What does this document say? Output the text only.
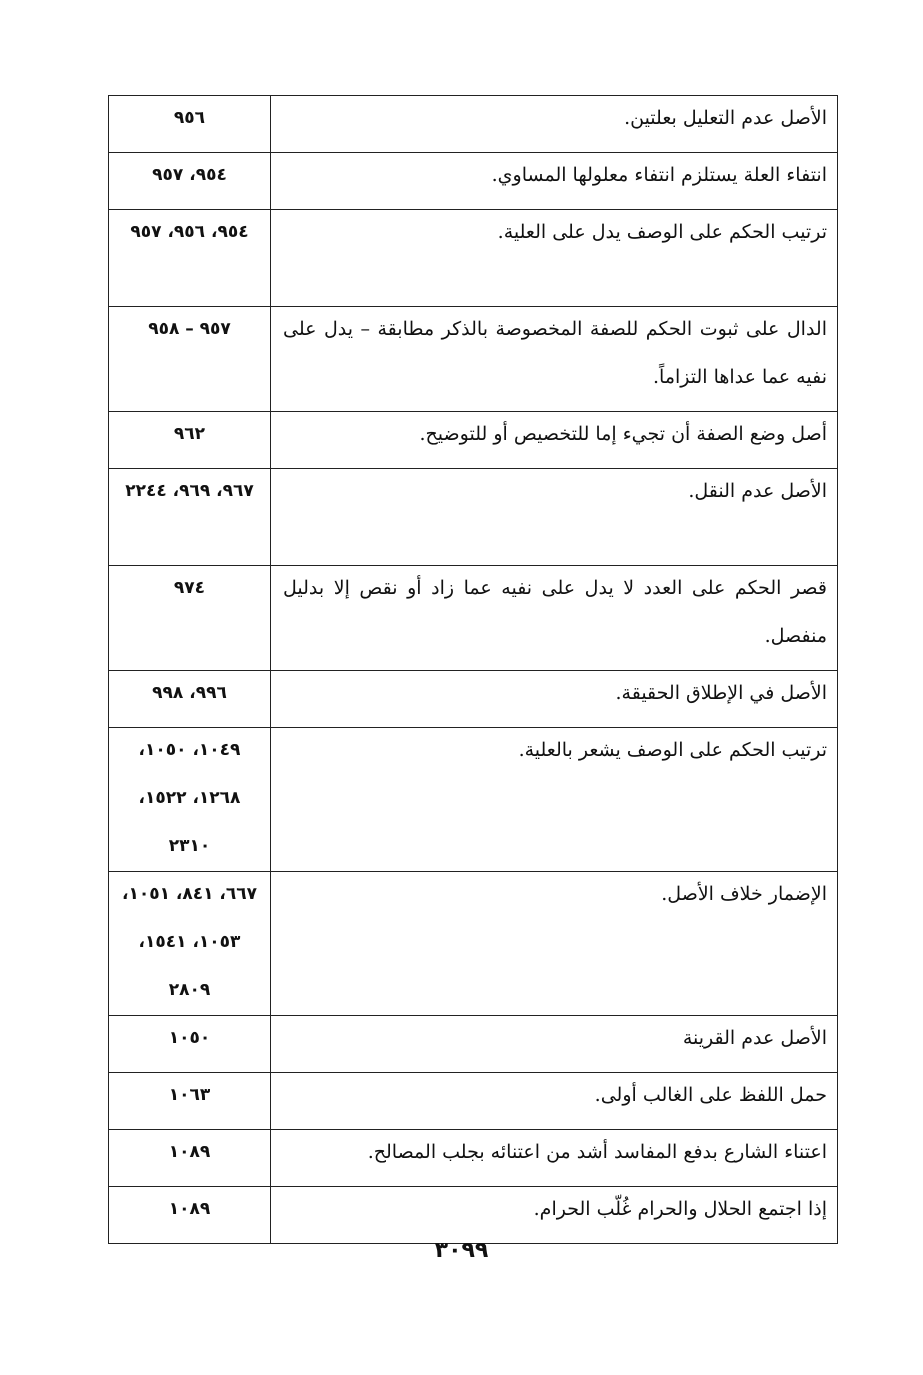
الأصل عدم التعليل بعلتين.	٩٥٦

انتفاء العلة يستلزم انتفاء معلولها المساوي.	٩٥٤، ٩٥٧

ترتيب الحكم على الوصف يدل على العلية.	٩٥٤، ٩٥٦، ٩٥٧

الدال على ثبوت الحكم للصفة المخصوصة بالذكر مطابقة – يدل على نفيه عما عداها التزاماً.	٩٥٧ – ٩٥٨

أصل وضع الصفة أن تجيء إما للتخصيص أو للتوضيح.	٩٦٢

الأصل عدم النقل.	٩٦٧، ٩٦٩، ٢٢٤٤

قصر الحكم على العدد لا يدل على نفيه عما زاد أو نقص إلا بدليل منفصل.	٩٧٤

الأصل في الإطلاق الحقيقة.	٩٩٦، ٩٩٨

ترتيب الحكم على الوصف يشعر بالعلية.	١٠٤٩، ١٠٥٠، ١٢٦٨، ١٥٢٢، ٢٣١٠

الإضمار خلاف الأصل.	٦٦٧، ٨٤١، ١٠٥١، ١٠٥٣، ١٥٤١، ٢٨٠٩

الأصل عدم القرينة	١٠٥٠

حمل اللفظ على الغالب أولى.	١٠٦٣

اعتناء الشارع بدفع المفاسد أشد من اعتنائه بجلب المصالح.	١٠٨٩

إذا اجتمع الحلال والحرام غُلّب الحرام.	١٠٨٩
٣٠٩٩
